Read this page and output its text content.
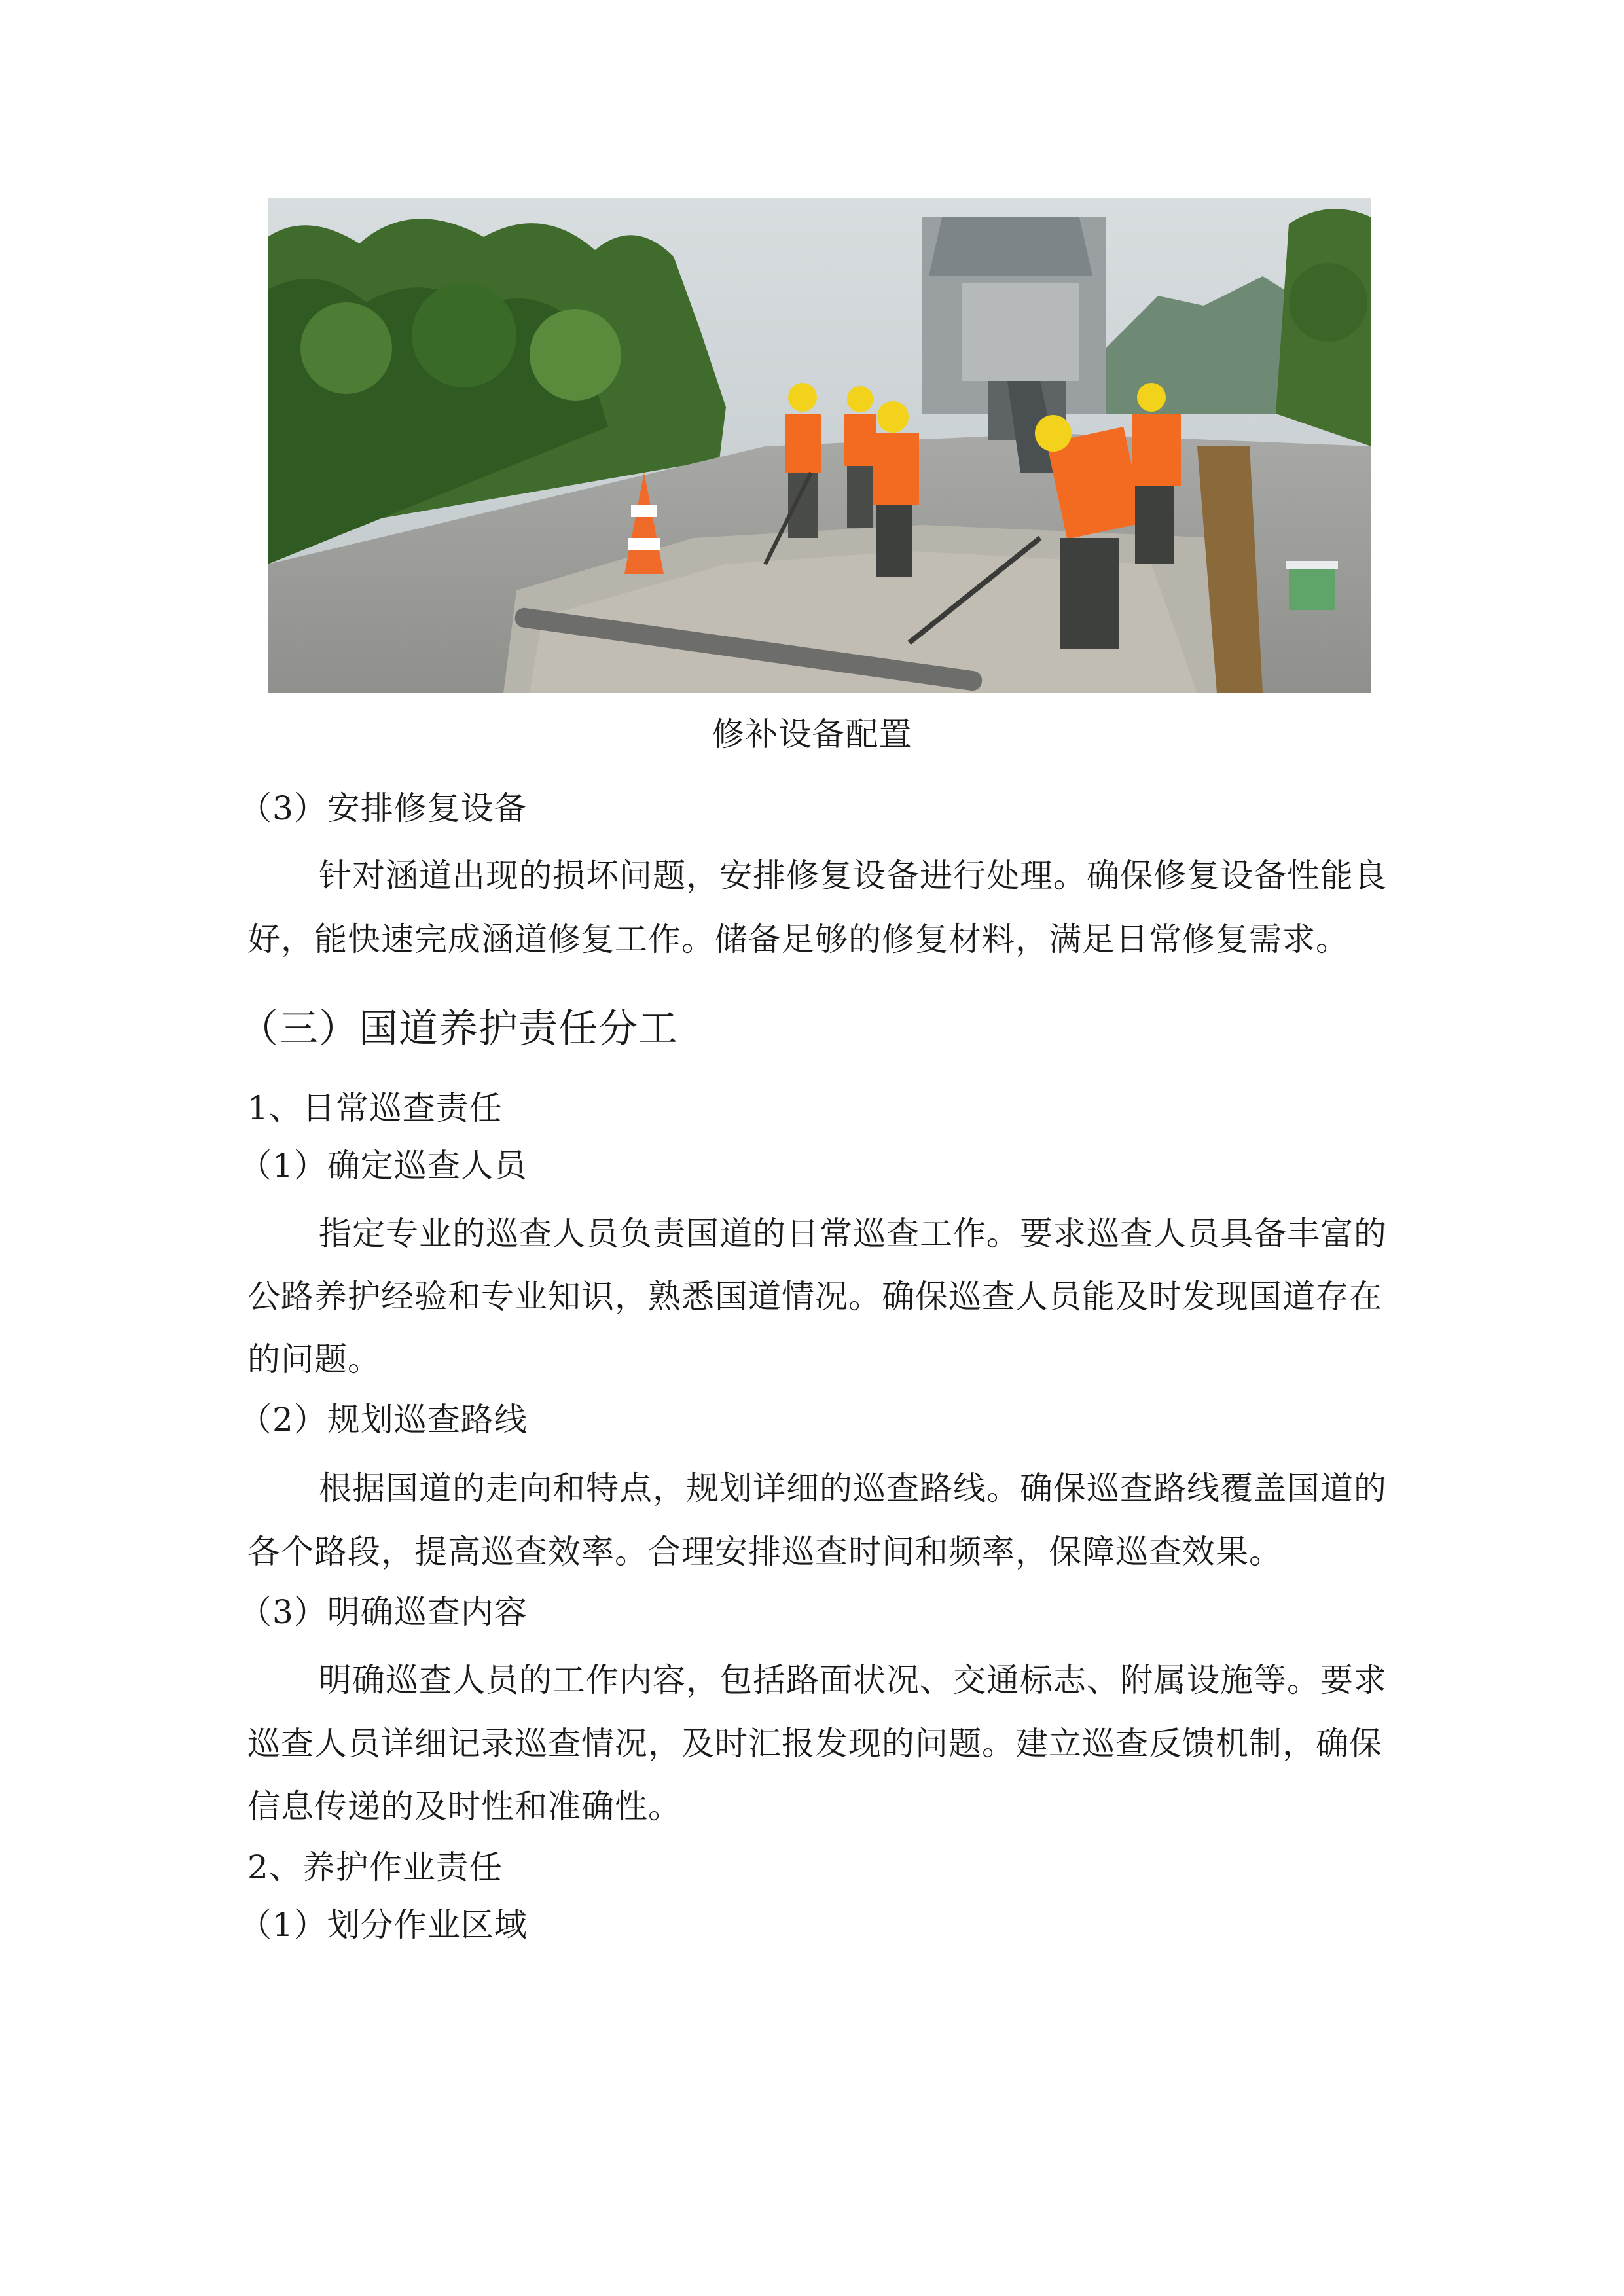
修补设备配置
（3）安排修复设备
针对涵道出现的损坏问题，安排修复设备进行处理。确保修复设备性能良
好，能快速完成涵道修复工作。储备足够的修复材料，满足日常修复需求。
（三）国道养护责任分工
1、日常巡查责任
（1）确定巡查人员
指定专业的巡查人员负责国道的日常巡查工作。要求巡查人员具备丰富的
公路养护经验和专业知识，熟悉国道情况。确保巡查人员能及时发现国道存在
的问题。
（2）规划巡查路线
根据国道的走向和特点，规划详细的巡查路线。确保巡查路线覆盖国道的
各个路段，提高巡查效率。合理安排巡查时间和频率，保障巡查效果。
（3）明确巡查内容
明确巡查人员的工作内容，包括路面状况、交通标志、附属设施等。要求
巡查人员详细记录巡查情况，及时汇报发现的问题。建立巡查反馈机制，确保
信息传递的及时性和准确性。
2、养护作业责任
（1）划分作业区域
